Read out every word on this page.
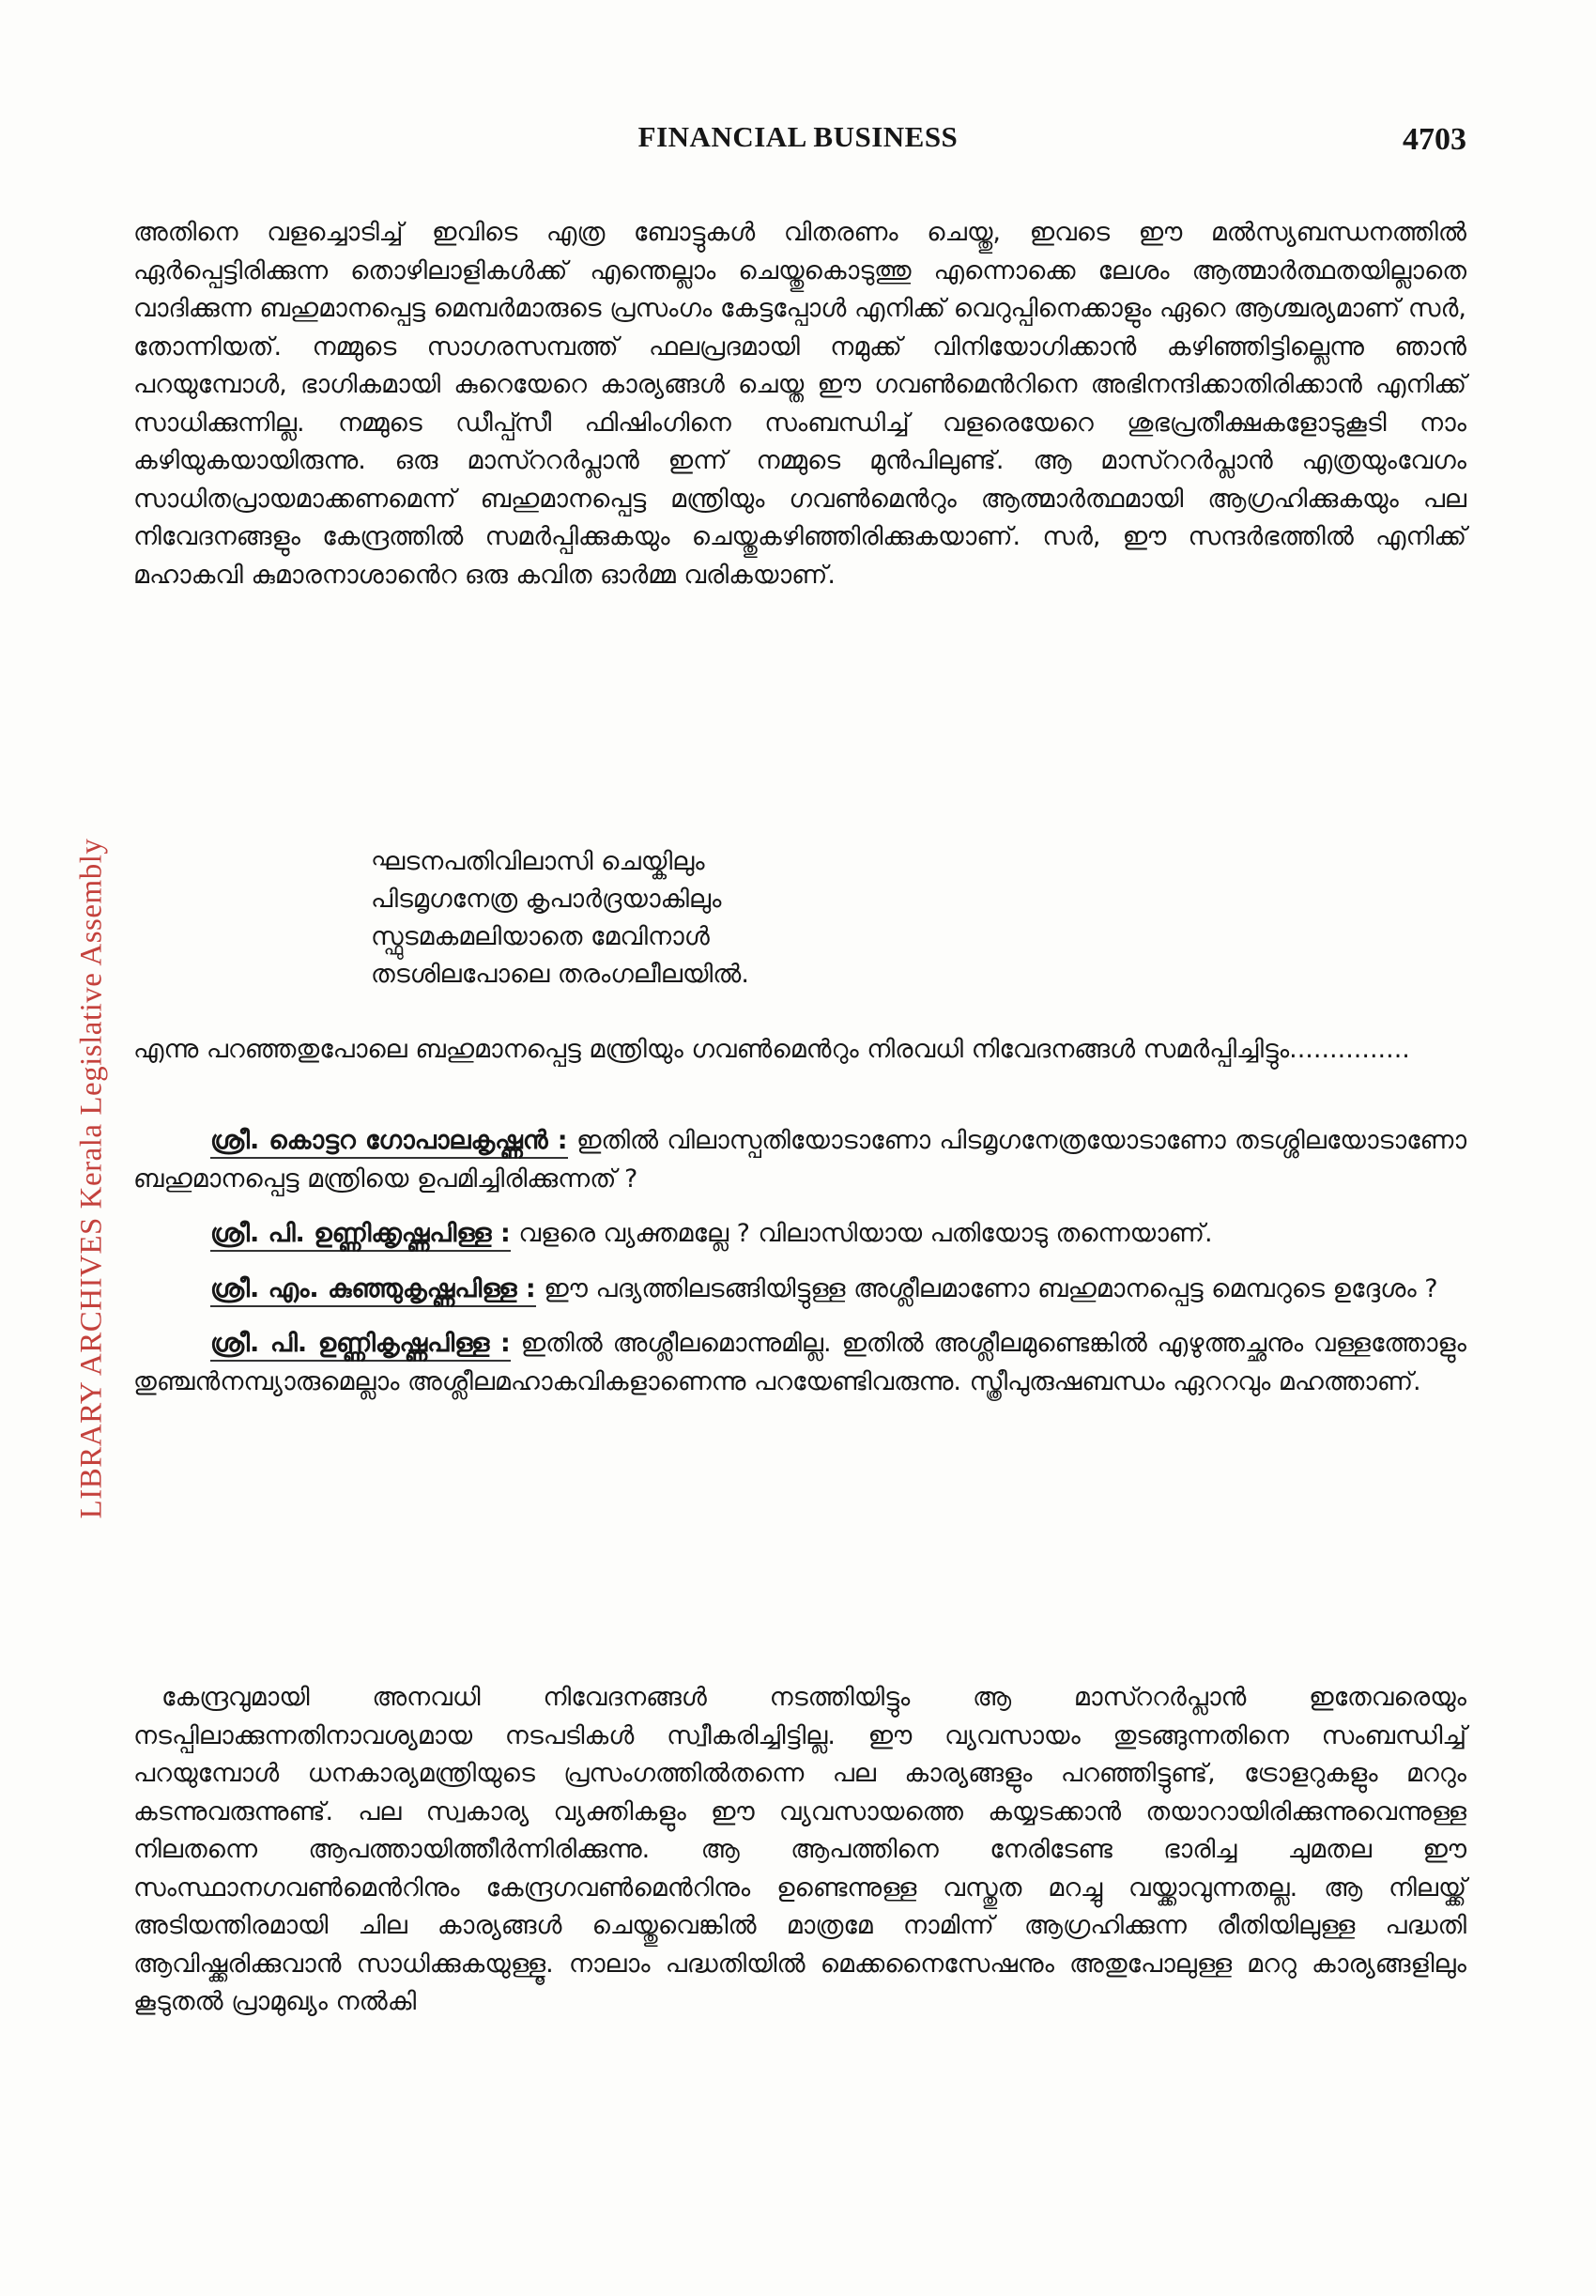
LIBRARY ARCHIVES Kerala Legislative Assembly
FINANCIAL BUSINESS	4703

അതിനെ വളച്ചൊടിച്ച് ഇവിടെ എത്ര ബോട്ടുകൾ വിതരണം ചെയ്തു, ഇവടെ ഈ മൽസ്യബന്ധനത്തിൽ ഏർപ്പെട്ടിരിക്കുന്ന തൊഴിലാളികൾക്ക് എന്തെല്ലാം ചെയ്തുകൊടുത്തു എന്നൊക്കെ ലേശം ആത്മാർത്ഥതയില്ലാതെ വാദിക്കുന്ന ബഹുമാനപ്പെട്ട മെമ്പർമാരുടെ പ്രസംഗം കേട്ടപ്പോൾ എനിക്ക് വെറുപ്പിനെക്കാളും ഏറെ ആശ്ചര്യമാണ് സർ, തോന്നിയത്. നമ്മുടെ സാഗരസമ്പത്ത് ഫലപ്രദമായി നമുക്ക് വിനിയോഗിക്കാൻ കഴിഞ്ഞിട്ടില്ലെന്നു ഞാൻ പറയുമ്പോൾ, ഭാഗികമായി കുറെയേറെ കാര്യങ്ങൾ ചെയ്ത ഈ ഗവൺമെൻറിനെ അഭിനന്ദിക്കാതിരിക്കാൻ എനിക്ക് സാധിക്കുന്നില്ല. നമ്മുടെ ഡീപ്പ്സീ ഫിഷിംഗിനെ സംബന്ധിച്ച് വളരെയേറെ ശുഭപ്രതീക്ഷകളോടുകൂടി നാം കഴിയുകയായിരുന്നു. ഒരു മാസ്ററർപ്ലാൻ ഇന്ന് നമ്മുടെ മുൻപിലുണ്ട്. ആ മാസ്ററർപ്ലാൻ എത്രയുംവേഗം സാധിതപ്രായമാക്കണമെന്ന് ബഹുമാനപ്പെട്ട മന്ത്രിയും ഗവൺമെൻറും ആത്മാർത്ഥമായി ആഗ്രഹിക്കുകയും പല നിവേദനങ്ങളും കേന്ദ്രത്തിൽ സമർപ്പിക്കുകയും ചെയ്തുകഴിഞ്ഞിരിക്കുകയാണ്. സർ, ഈ സന്ദർഭത്തിൽ എനിക്ക് മഹാകവി കുമാരനാശാൻെറ ഒരു കവിത ഓർമ്മ വരികയാണ്.

ഘടനപതിവിലാസി ചെയ്കിലും
പിടമൃഗനേത്ര കൃപാർദ്രയാകിലും
സ്ഫുടമകമലിയാതെ മേവിനാൾ
തടശിലപോലെ തരംഗലീലയിൽ.

എന്നു പറഞ്ഞതുപോലെ ബഹുമാനപ്പെട്ട മന്ത്രിയും ഗവൺമെൻറും നിരവധി നിവേദനങ്ങൾ സമർപ്പിച്ചിട്ടും...............

ശ്രീ. കൊട്ടറ ഗോപാലകൃഷ്ണൻ : ഇതിൽ വിലാസ്പതിയോടാണോ പിടമൃഗനേത്രയോടാണോ തടശ്ശിലയോടാണോ ബഹുമാനപ്പെട്ട മന്ത്രിയെ ഉപമിച്ചിരിക്കുന്നത് ?

ശ്രീ. പി. ഉണ്ണിക്കൃഷ്ണപിള്ള : വളരെ വ്യക്തമല്ലേ ? വിലാസിയായ പതിയോടു തന്നെയാണ്.

ശ്രീ. എം. കുഞ്ഞുകൃഷ്ണപിള്ള : ഈ പദ്യത്തിലടങ്ങിയിട്ടുള്ള അശ്ലീലമാണോ ബഹുമാനപ്പെട്ട മെമ്പറുടെ ഉദ്ദേശം ?

ശ്രീ. പി. ഉണ്ണികൃഷ്ണപിള്ള : ഇതിൽ അശ്ലീലമൊന്നുമില്ല. ഇതിൽ അശ്ലീലമുണ്ടെങ്കിൽ എഴുത്തച്ഛനും വള്ളത്തോളും തുഞ്ചൻനമ്പ്യാരുമെല്ലാം അശ്ലീലമഹാകവികളാണെന്നു പറയേണ്ടിവരുന്നു. സ്ത്രീപുരുഷബന്ധം ഏററവും മഹത്താണ്.

കേന്ദ്രവുമായി അനവധി നിവേദനങ്ങൾ നടത്തിയിട്ടും ആ മാസ്ററർപ്ലാൻ ഇതേവരെയും നടപ്പിലാക്കുന്നതിനാവശ്യമായ നടപടികൾ സ്വീകരിച്ചിട്ടില്ല. ഈ വ്യവസായം തുടങ്ങുന്നതിനെ സംബന്ധിച്ച് പറയുമ്പോൾ ധനകാര്യമന്ത്രിയുടെ പ്രസംഗത്തിൽതന്നെ പല കാര്യങ്ങളും പറഞ്ഞിട്ടുണ്ട്, ട്രോളറുകളും മററും കടന്നുവരുന്നുണ്ട്. പല സ്വകാര്യ വ്യക്തികളും ഈ വ്യവസായത്തെ കയ്യടക്കാൻ തയാറായിരിക്കുന്നുവെന്നുള്ള നിലതന്നെ ആപത്തായിത്തീർന്നിരിക്കുന്നു. ആ ആപത്തിനെ നേരിടേണ്ട ഭാരിച്ച ചുമതല ഈ സംസ്ഥാനഗവൺമെൻറിനും കേന്ദ്രഗവൺമെൻറിനും ഉണ്ടെന്നുള്ള വസ്തുത മറച്ചു വയ്ക്കാവുന്നതല്ല. ആ നിലയ്ക്ക് അടിയന്തിരമായി ചില കാര്യങ്ങൾ ചെയ്തുവെങ്കിൽ മാത്രമേ നാമിന്ന് ആഗ്രഹിക്കുന്ന രീതിയിലുള്ള പദ്ധതി ആവിഷ്ക്കരിക്കുവാൻ സാധിക്കുകയുള്ളൂ. നാലാം പദ്ധതിയിൽ മെക്കനൈസേഷനും അതുപോലുള്ള മററു കാര്യങ്ങളിലും കൂടുതൽ പ്രാമുഖ്യം നൽകി
